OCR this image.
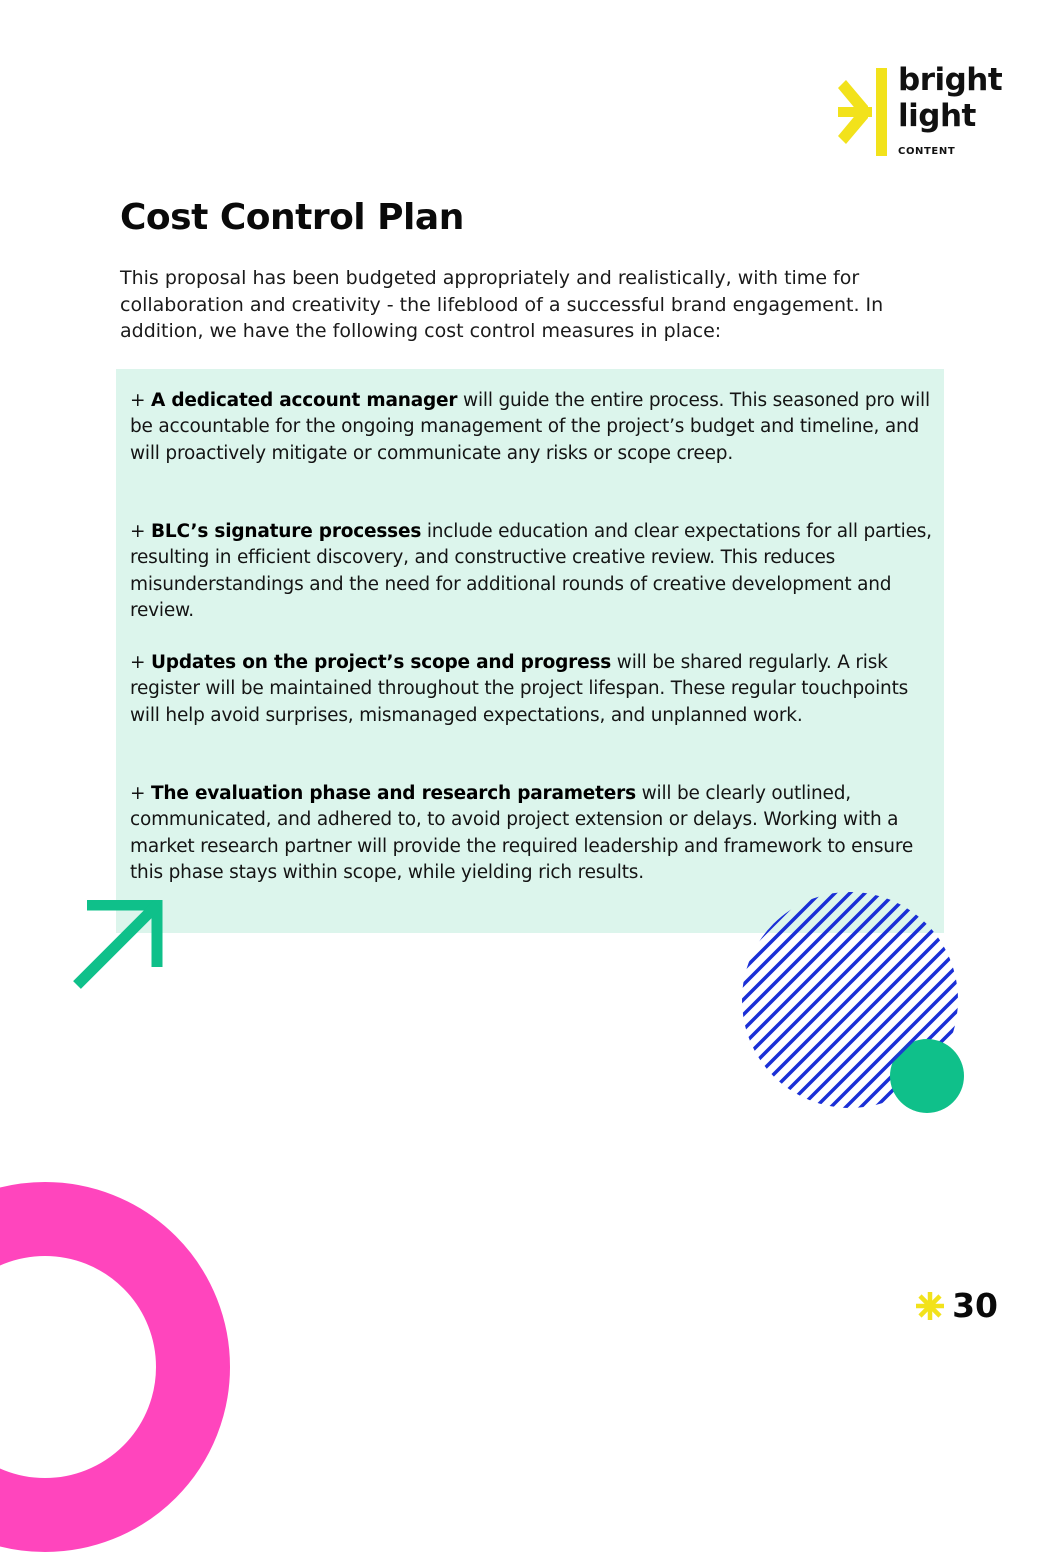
bright
light
CONTENT
Cost Control Plan

This proposal has been budgeted appropriately and realistically, with time for collaboration and creativity - the lifeblood of a successful brand engagement. In addition, we have the following cost control measures in place:

+ A dedicated account manager will guide the entire process. This seasoned pro will be accountable for the ongoing management of the project’s budget and timeline, and will proactively mitigate or communicate any risks or scope creep.

+ BLC’s signature processes include education and clear expectations for all parties, resulting in efficient discovery, and constructive creative review. This reduces misunderstandings and the need for additional rounds of creative development and review.

+ Updates on the project’s scope and progress will be shared regularly. A risk register will be maintained throughout the project lifespan. These regular touchpoints will help avoid surprises, mismanaged expectations, and unplanned work.

+ The evaluation phase and research parameters will be clearly outlined, communicated, and adhered to, to avoid project extension or delays. Working with a market research partner will provide the required leadership and framework to ensure this phase stays within scope, while yielding rich results.

30
